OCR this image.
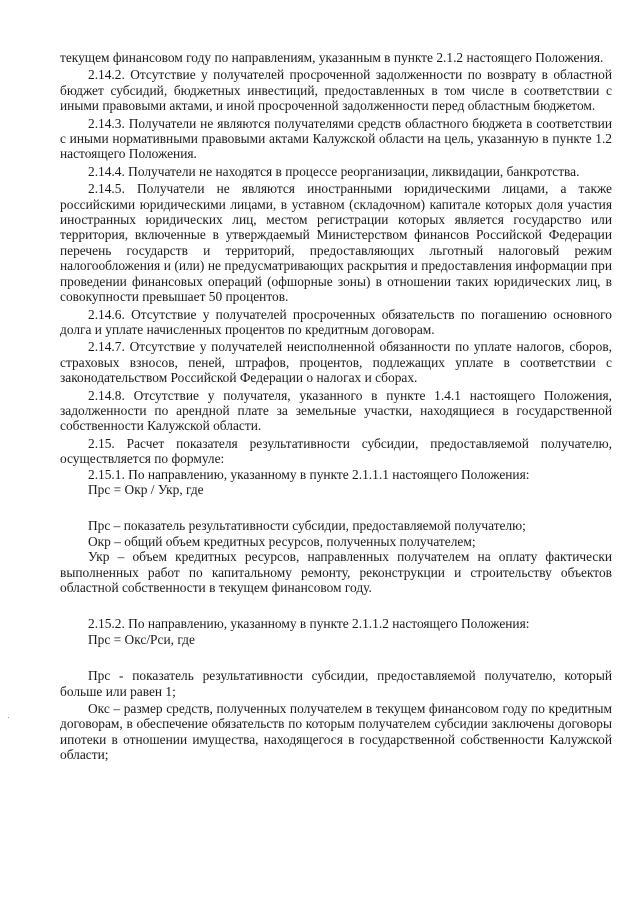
текущем финансовом году по направлениям, указанным в пункте 2.1.2 настоящего Положения.

2.14.2. Отсутствие у получателей просроченной задолженности по возврату в областной бюджет субсидий, бюджетных инвестиций, предоставленных в том числе в соответствии с иными правовыми актами, и иной просроченной задолженности перед областным бюджетом.

2.14.3. Получатели не являются получателями средств областного бюджета в соответствии с иными нормативными правовыми актами Калужской области на цель, указанную в пункте 1.2 настоящего Положения.

2.14.4. Получатели не находятся в процессе реорганизации, ликвидации, банкротства.

2.14.5. Получатели не являются иностранными юридическими лицами, а также российскими юридическими лицами, в уставном (складочном) капитале которых доля участия иностранных юридических лиц, местом регистрации которых является государство или территория, включенные в утверждаемый Министерством финансов Российской Федерации перечень государств и территорий, предоставляющих льготный налоговый режим налогообложения и (или) не предусматривающих раскрытия и предоставления информации при проведении финансовых операций (офшорные зоны) в отношении таких юридических лиц, в совокупности превышает 50 процентов.

2.14.6. Отсутствие у получателей просроченных обязательств по погашению основного долга и уплате начисленных процентов по кредитным договорам.

2.14.7. Отсутствие у получателей неисполненной обязанности по уплате налогов, сборов, страховых взносов, пеней, штрафов, процентов, подлежащих уплате в соответствии с законодательством Российской Федерации о налогах и сборах.

2.14.8. Отсутствие у получателя, указанного в пункте 1.4.1 настоящего Положения, задолженности по арендной плате за земельные участки, находящиеся в государственной собственности Калужской области.

2.15. Расчет показателя результативности субсидии, предоставляемой получателю, осуществляется по формуле:

2.15.1. По направлению, указанному в пункте 2.1.1.1 настоящего Положения:

Прс = Окр / Укр, где

Прс – показатель результативности субсидии, предоставляемой получателю;

Окр – общий объем кредитных ресурсов, полученных получателем;

Укр – объем кредитных ресурсов, направленных получателем на оплату фактически выполненных работ по капитальному ремонту, реконструкции и строительству объектов областной собственности в текущем финансовом году.

2.15.2. По направлению, указанному в пункте 2.1.1.2 настоящего Положения:

Прс = Окс/Рси, где

Прс - показатель результативности субсидии, предоставляемой получателю, который больше или равен 1;

Окс – размер средств, полученных получателем в текущем финансовом году по кредитным договорам, в обеспечение обязательств по которым получателем субсидии заключены договоры ипотеки в отношении имущества, находящегося в государственной собственности Калужской области;
